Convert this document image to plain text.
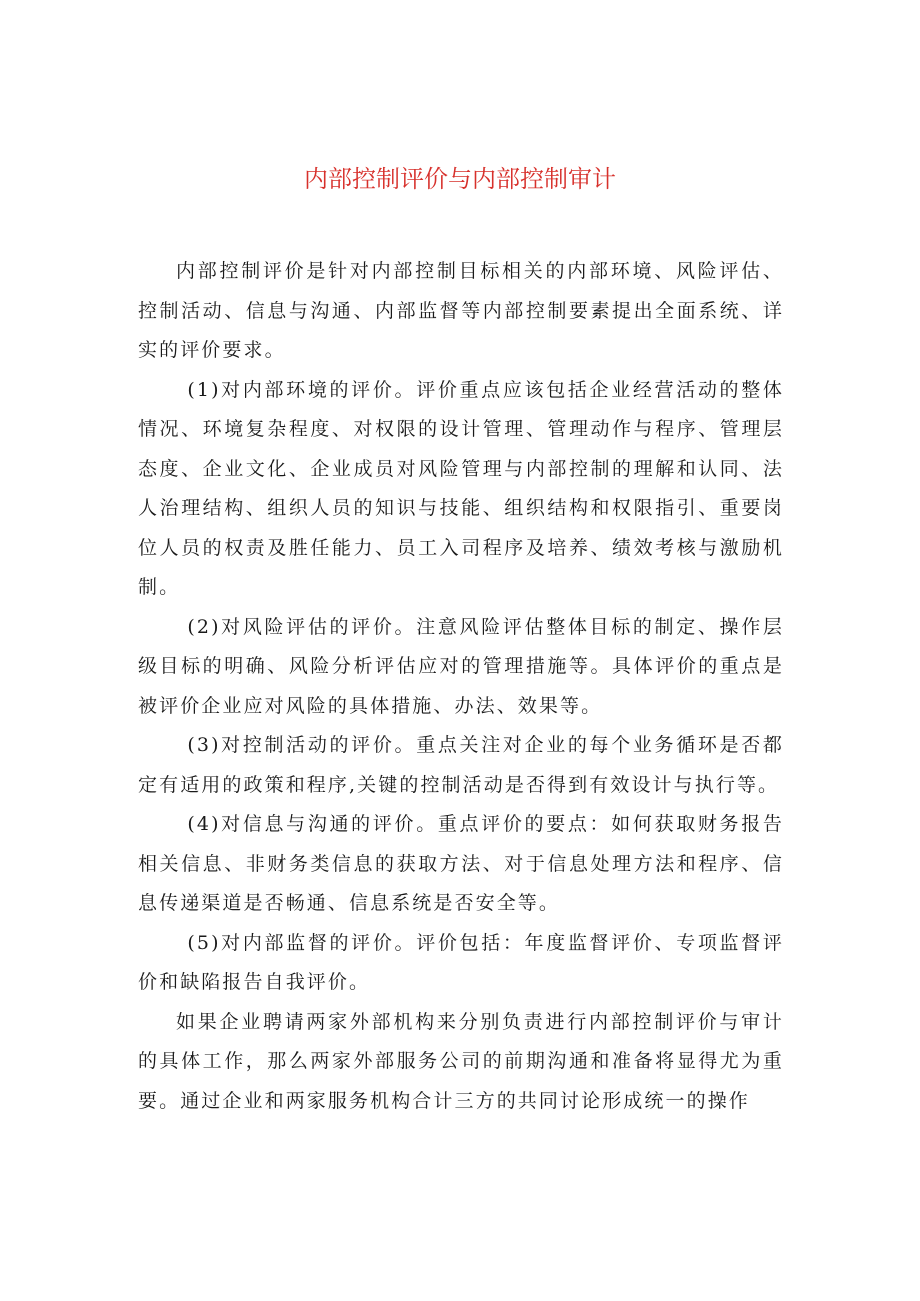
内部控制评价与内部控制审计

内部控制评价是针对内部控制目标相关的内部环境、风险评估、控制活动、信息与沟通、内部监督等内部控制要素提出全面系统、详实的评价要求。

(1)对内部环境的评价。评价重点应该包括企业经营活动的整体情况、环境复杂程度、对权限的设计管理、管理动作与程序、管理层态度、企业文化、企业成员对风险管理与内部控制的理解和认同、法人治理结构、组织人员的知识与技能、组织结构和权限指引、重要岗位人员的权责及胜任能力、员工入司程序及培养、绩效考核与激励机制。

(2)对风险评估的评价。注意风险评估整体目标的制定、操作层级目标的明确、风险分析评估应对的管理措施等。具体评价的重点是被评价企业应对风险的具体措施、办法、效果等。

(3)对控制活动的评价。重点关注对企业的每个业务循环是否都定有适用的政策和程序,关键的控制活动是否得到有效设计与执行等。

(4)对信息与沟通的评价。重点评价的要点：如何获取财务报告相关信息、非财务类信息的获取方法、对于信息处理方法和程序、信息传递渠道是否畅通、信息系统是否安全等。

(5)对内部监督的评价。评价包括：年度监督评价、专项监督评价和缺陷报告自我评价。

如果企业聘请两家外部机构来分别负责进行内部控制评价与审计的具体工作，那么两家外部服务公司的前期沟通和准备将显得尤为重要。通过企业和两家服务机构合计三方的共同讨论形成统一的操作
